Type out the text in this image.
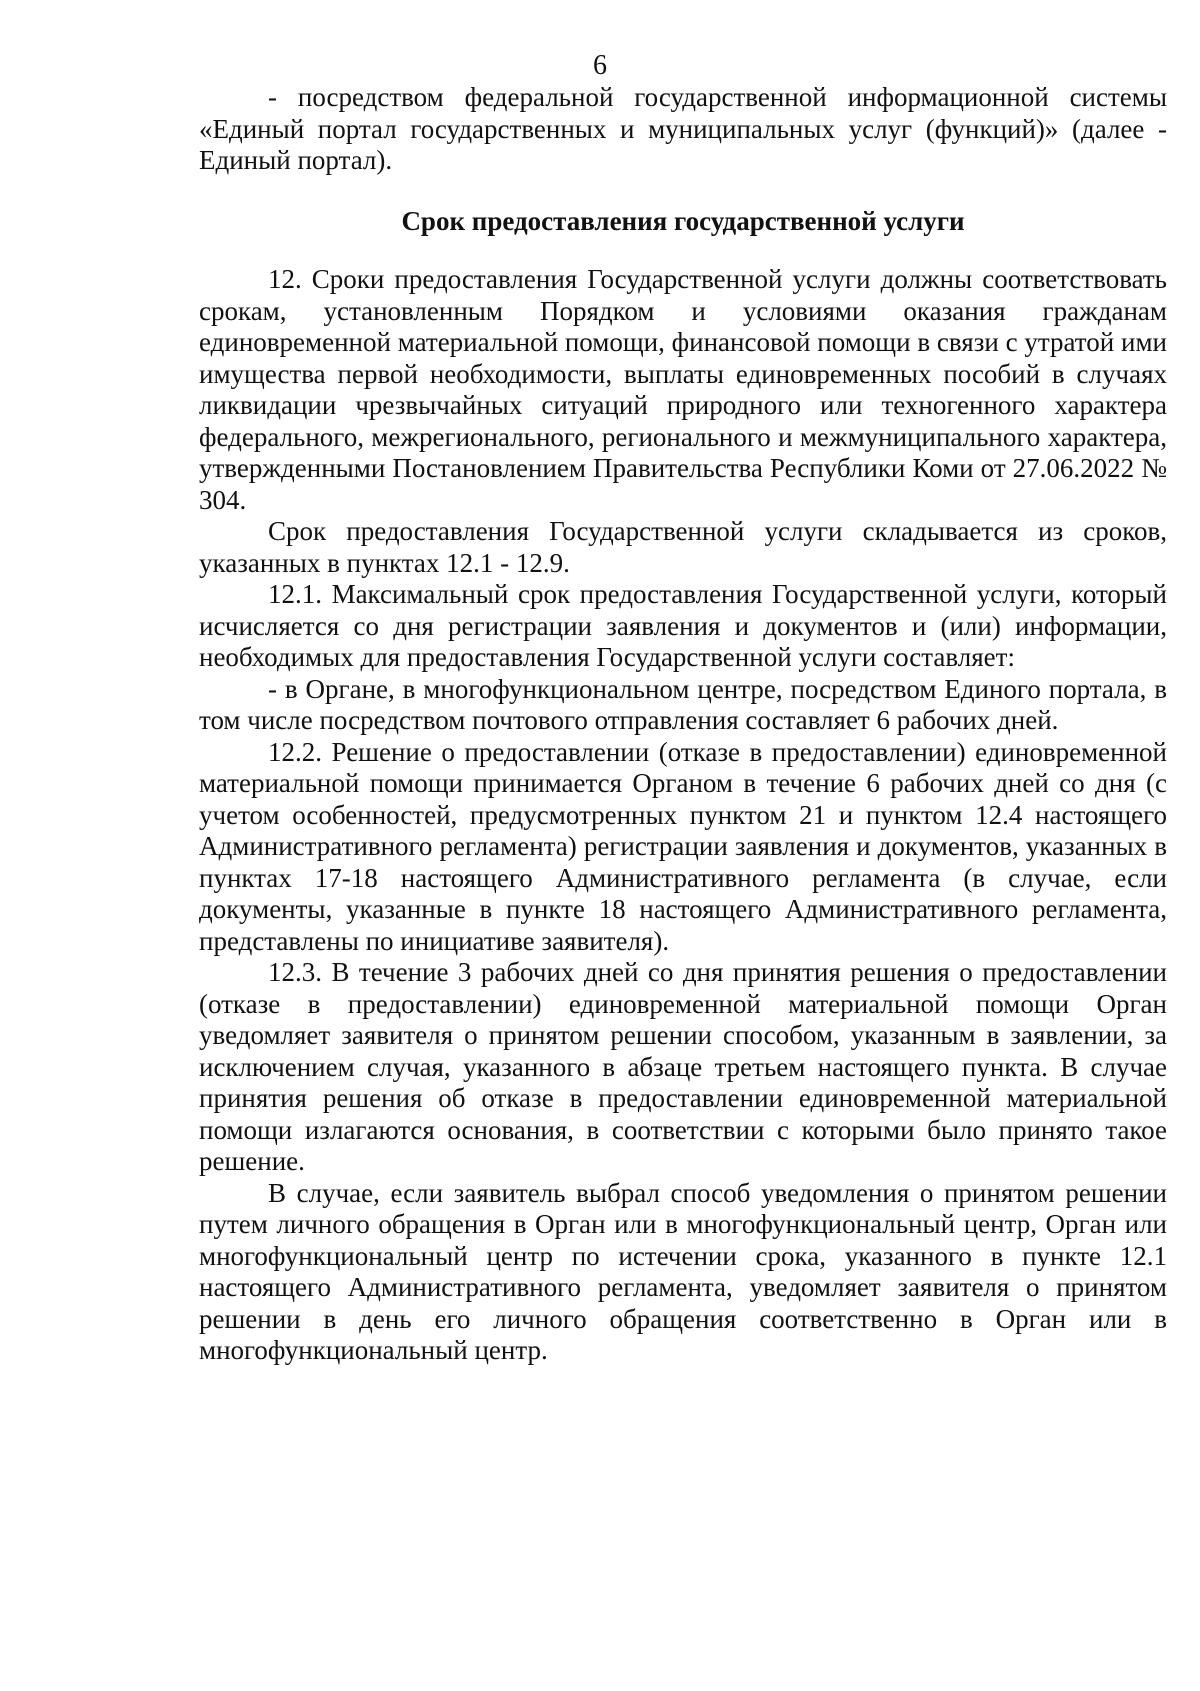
6

- посредством федеральной государственной информационной системы «Единый портал государственных и муниципальных услуг (функций)» (далее - Единый портал).

Срок предоставления государственной услуги

12. Сроки предоставления Государственной услуги должны соответствовать срокам, установленным Порядком и условиями оказания гражданам единовременной материальной помощи, финансовой помощи в связи с утратой ими имущества первой необходимости, выплаты единовременных пособий в случаях ликвидации чрезвычайных ситуаций природного или техногенного характера федерального, межрегионального, регионального и межмуниципального характера, утвержденными Постановлением Правительства Республики Коми от 27.06.2022 № 304.

Срок предоставления Государственной услуги складывается из сроков, указанных в пунктах 12.1 - 12.9.

12.1. Максимальный срок предоставления Государственной услуги, который исчисляется со дня регистрации заявления и документов и (или) информации, необходимых для предоставления Государственной услуги составляет:

- в Органе, в многофункциональном центре, посредством Единого портала, в том числе посредством почтового отправления составляет 6 рабочих дней.

12.2. Решение о предоставлении (отказе в предоставлении) единовременной материальной помощи принимается Органом в течение 6 рабочих дней со дня (с учетом особенностей, предусмотренных пунктом 21 и пунктом 12.4 настоящего Административного регламента) регистрации заявления и документов, указанных в пунктах 17-18 настоящего Административного регламента (в случае, если документы, указанные в пункте 18 настоящего Административного регламента, представлены по инициативе заявителя).

12.3. В течение 3 рабочих дней со дня принятия решения о предоставлении (отказе в предоставлении) единовременной материальной помощи Орган уведомляет заявителя о принятом решении способом, указанным в заявлении, за исключением случая, указанного в абзаце третьем настоящего пункта. В случае принятия решения об отказе в предоставлении единовременной материальной помощи излагаются основания, в соответствии с которыми было принято такое решение.

В случае, если заявитель выбрал способ уведомления о принятом решении путем личного обращения в Орган или в многофункциональный центр, Орган или многофункциональный центр по истечении срока, указанного в пункте 12.1 настоящего Административного регламента, уведомляет заявителя о принятом решении в день его личного обращения соответственно в Орган или в многофункциональный центр.
